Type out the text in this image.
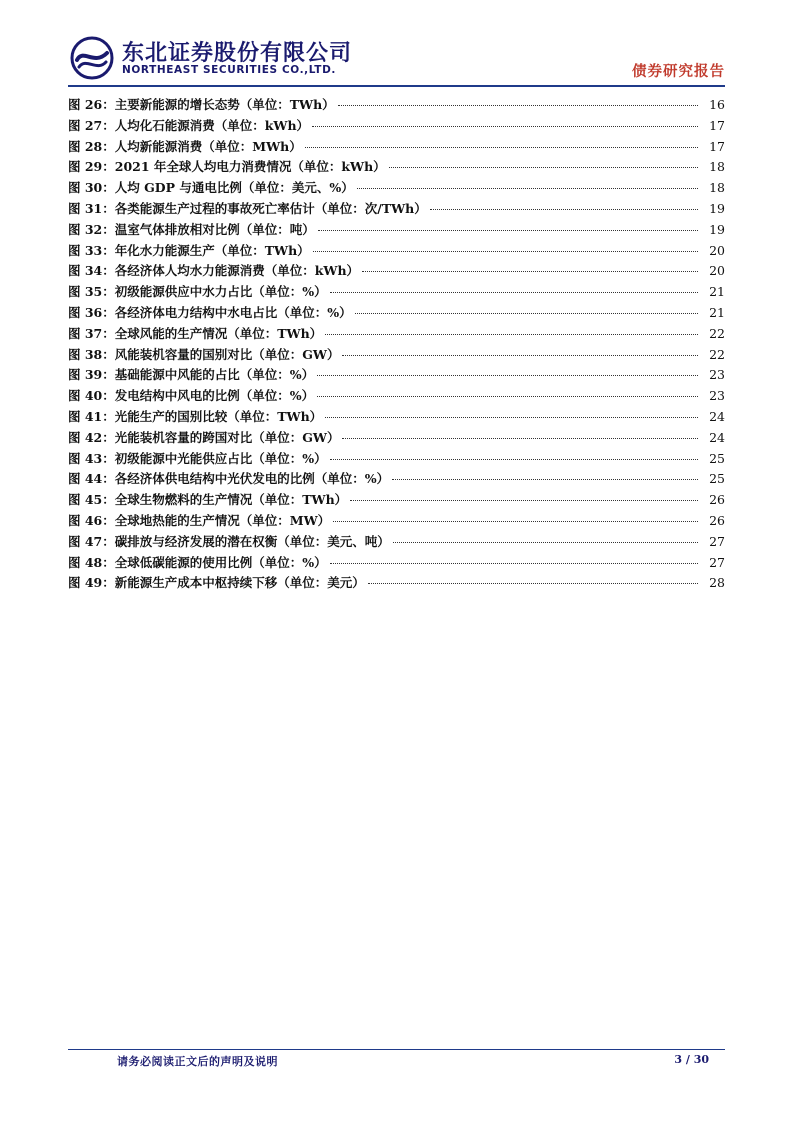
东北证券股份有限公司
NORTHEAST SECURITIES CO.,LTD.	债券研究报告
图 26：主要新能源的增长态势（单位：TWh）	16
图 27：人均化石能源消费（单位：kWh）	17
图 28：人均新能源消费（单位：MWh）	17
图 29：2021 年全球人均电力消费情况（单位：kWh）	18
图 30：人均 GDP 与通电比例（单位：美元、%）	18
图 31：各类能源生产过程的事故死亡率估计（单位：次/TWh）	19
图 32：温室气体排放相对比例（单位：吨）	19
图 33：年化水力能源生产（单位：TWh）	20
图 34：各经济体人均水力能源消费（单位：kWh）	20
图 35：初级能源供应中水力占比（单位：%）	21
图 36：各经济体电力结构中水电占比（单位：%）	21
图 37：全球风能的生产情况（单位：TWh）	22
图 38：风能装机容量的国别对比（单位：GW）	22
图 39：基础能源中风能的占比（单位：%）	23
图 40：发电结构中风电的比例（单位：%）	23
图 41：光能生产的国别比较（单位：TWh）	24
图 42：光能装机容量的跨国对比（单位：GW）	24
图 43：初级能源中光能供应占比（单位：%）	25
图 44：各经济体供电结构中光伏发电的比例（单位：%）	25
图 45：全球生物燃料的生产情况（单位：TWh）	26
图 46：全球地热能的生产情况（单位：MW）	26
图 47：碳排放与经济发展的潜在权衡（单位：美元、吨）	27
图 48：全球低碳能源的使用比例（单位：%）	27
图 49：新能源生产成本中枢持续下移（单位：美元）	28
请务必阅读正文后的声明及说明	3 / 30
